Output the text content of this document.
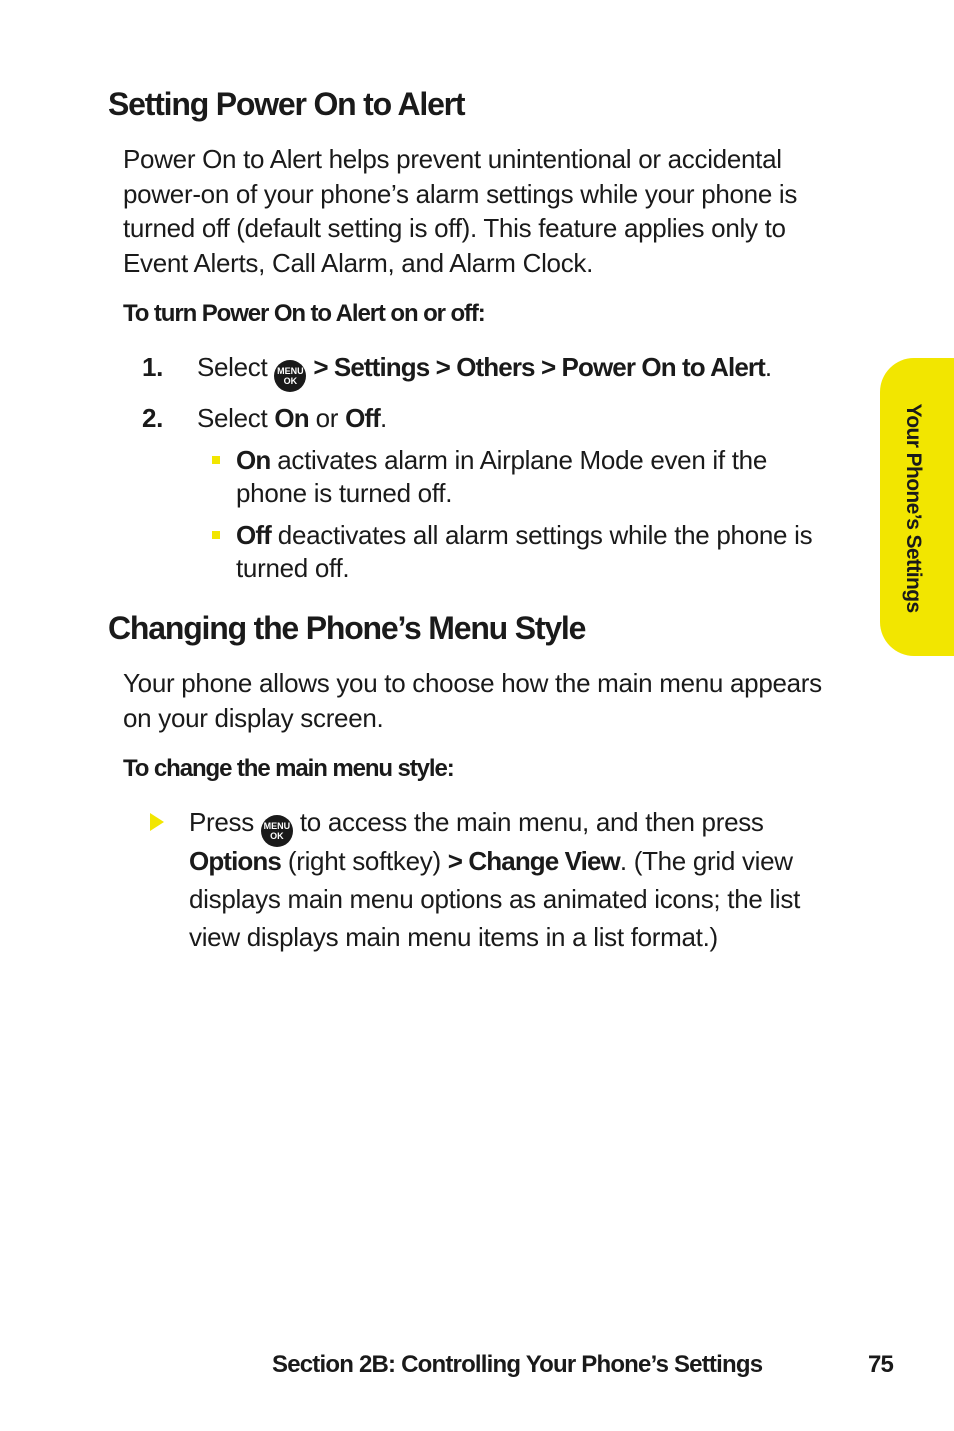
Setting Power On to Alert
Power On to Alert helps prevent unintentional or accidental
power-on of your phone’s alarm settings while your phone is
turned off (default setting is off). This feature applies only to
Event Alerts, Call Alarm, and Alarm Clock.
To turn Power On to Alert on or off:
1. Select	MENU
OK > Settings > Others > Power On to Alert.
2. Select On or Off.
On activates alarm in Airplane Mode even if the
phone is turned off.
Off deactivates all alarm settings while the phone is
turned off.
Changing the Phone’s Menu Style
Your phone allows you to choose how the main menu appears
on your display screen.
To change the main menu style:
Press	MENU
OK to access the main menu, and then press
Options (right softkey) > Change View. (The grid view
displays main menu options as animated icons; the list
view displays main menu items in a list format.)
Your Phone’s Settings
Section 2B: Controlling Your Phone’s Settings	75
